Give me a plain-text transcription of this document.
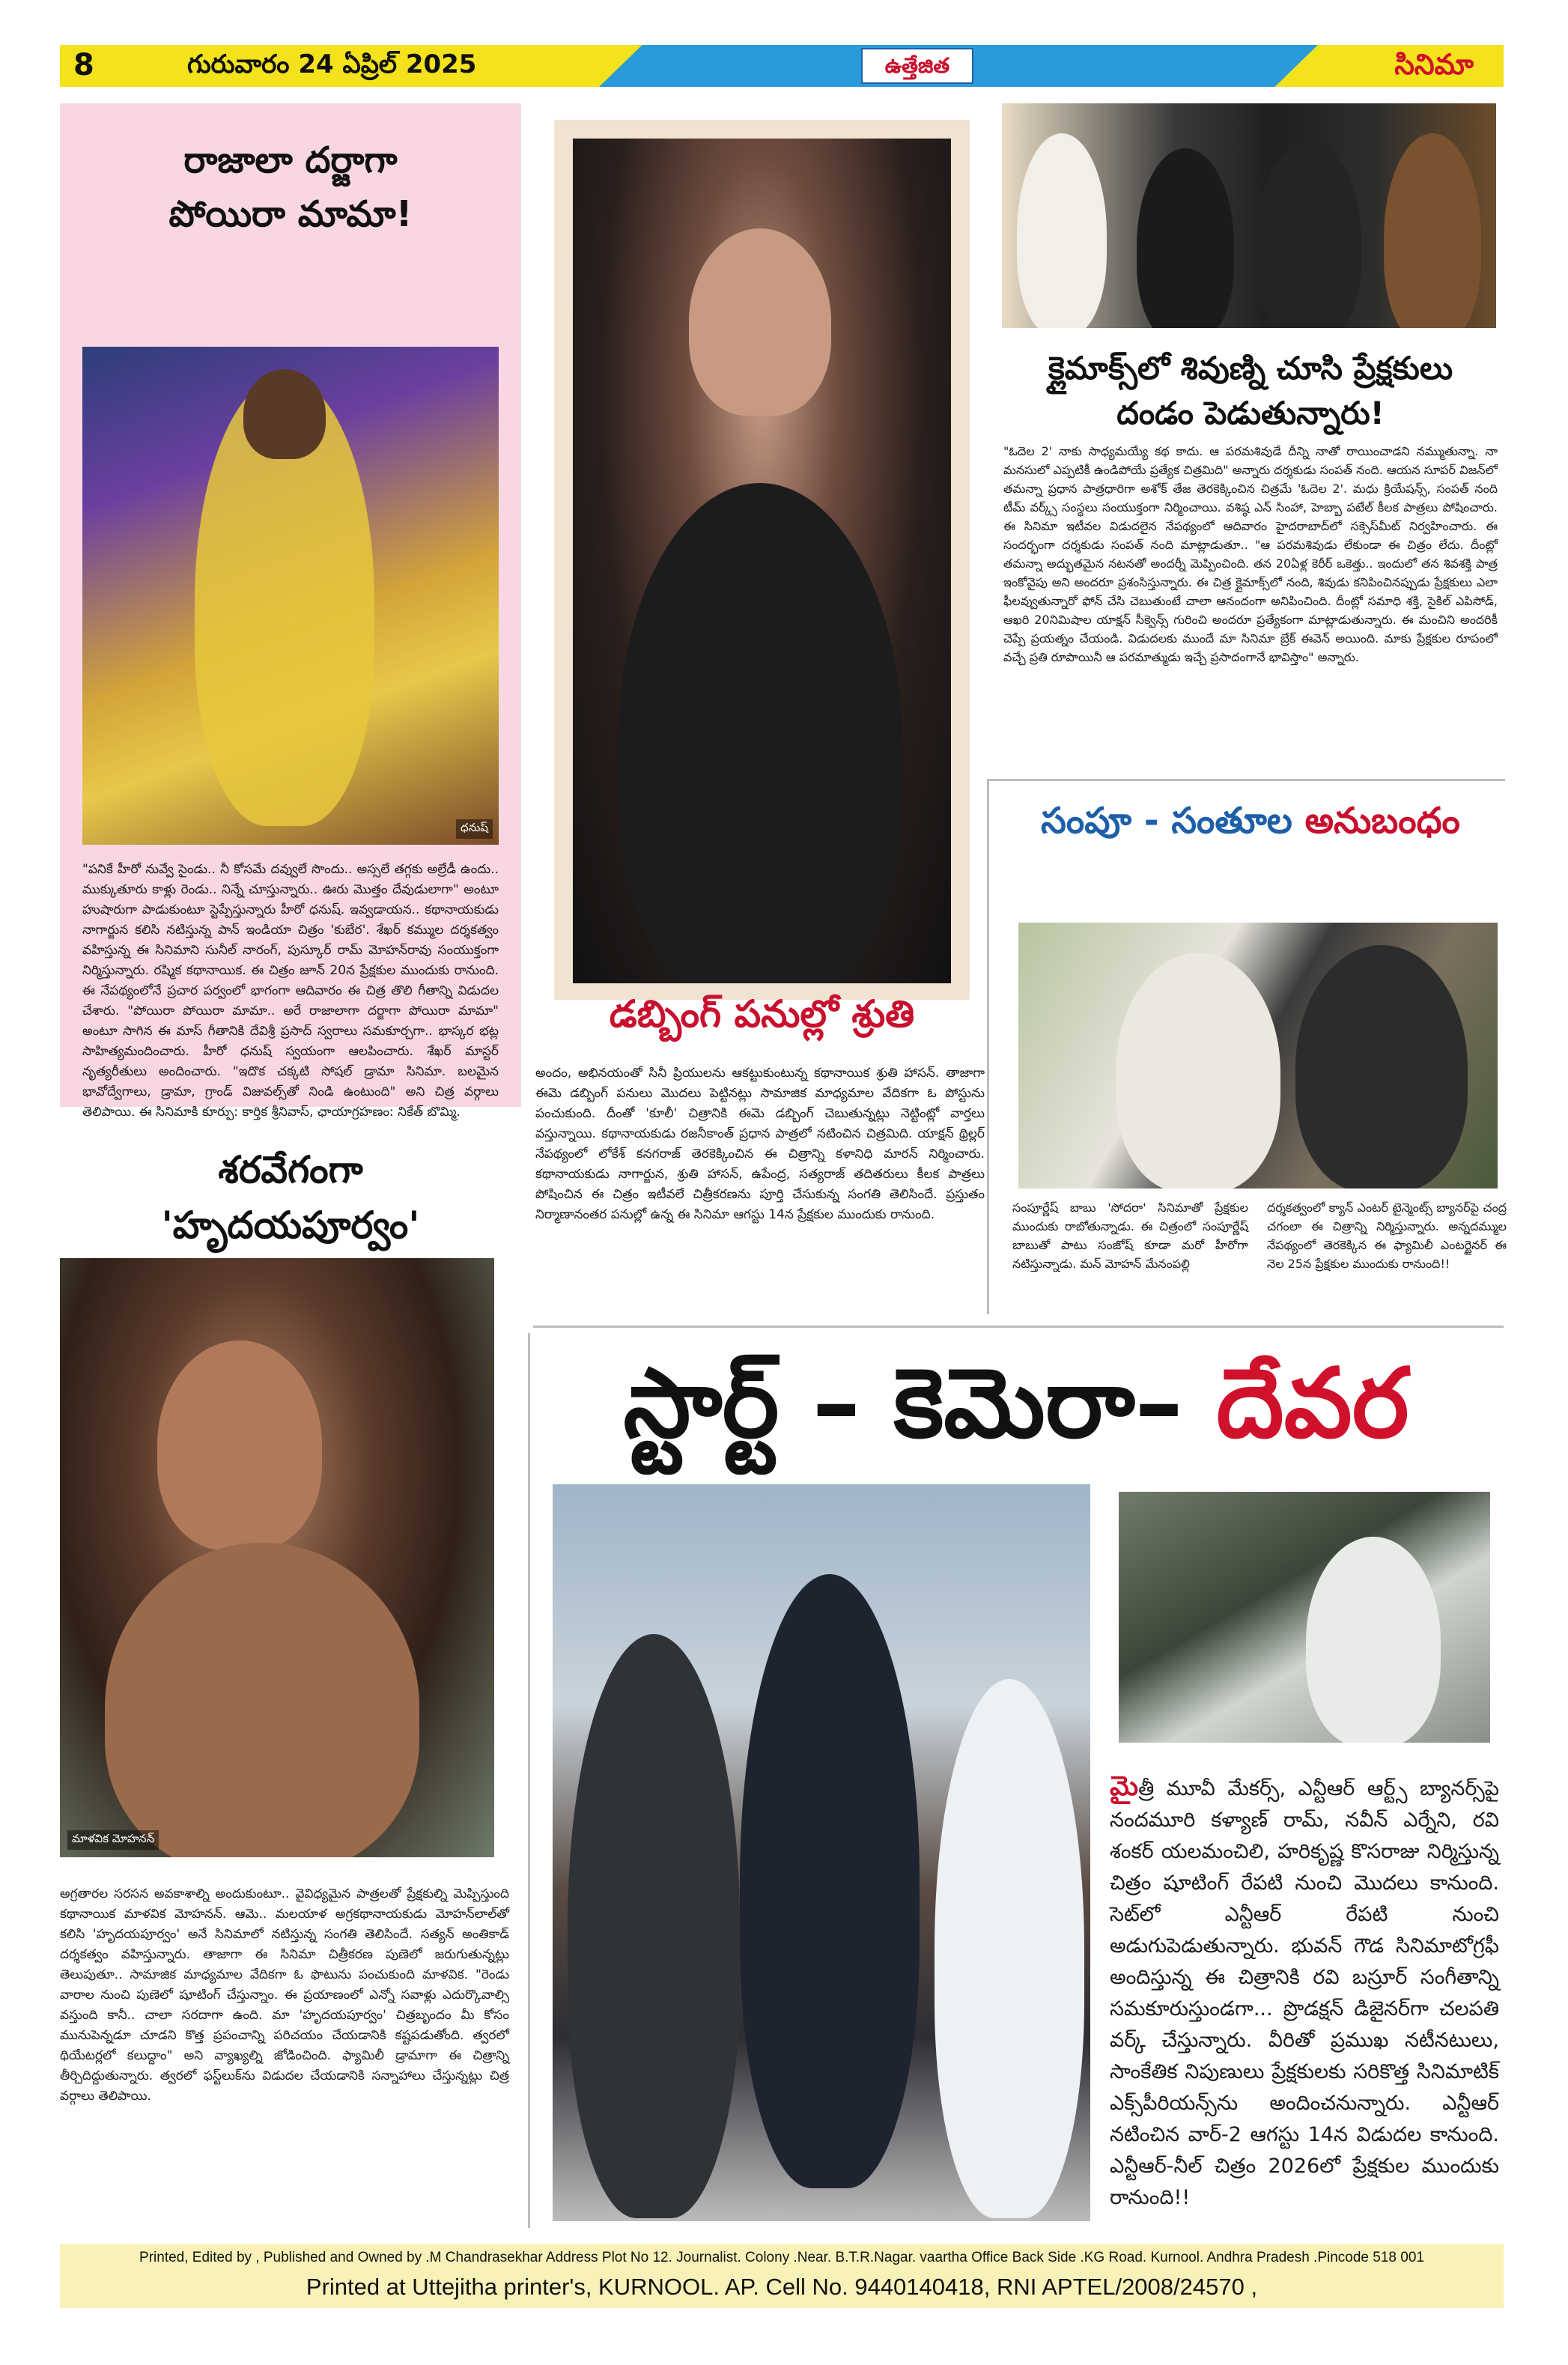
8	గురువారం 24 ఏప్రిల్ 2025	ఉత్తేజిత	సినిమా
రాజాలా దర్జాగా
పోయిరా మామా!
ధనుష్
"పనికే హీరో నువ్వే సైండు.. నీ కోసమే దవ్వులే సొందు.. అస్సలే తగ్గకు అల్రేడీ ఉందు.. ముక్కుతూరు కాళ్లు రెండు.. నిన్నే చూస్తున్నారు.. ఊరు మొత్తం దేవుడులాగా" అంటూ హుషారుగా పాడుకుంటూ స్టెప్పేస్తున్నారు హీరో ధనుష్. ఇవ్వడాయన.. కథానాయకుడు నాగార్జున కలిసి నటిస్తున్న పాన్ ఇండియా చిత్రం 'కుబేర'. శేఖర్ కమ్ముల దర్శకత్వం వహిస్తున్న ఈ సినిమాని సునీల్ నారంగ్, పుస్కూర్ రామ్ మోహన్‌రావు సంయుక్తంగా నిర్మిస్తున్నారు. రష్మిక కథానాయిక. ఈ చిత్రం జూన్ 20న ప్రేక్షకుల ముందుకు రానుంది. ఈ నేపథ్యంలోనే ప్రచార పర్వంలో భాగంగా ఆదివారం ఈ చిత్ర తొలి గీతాన్ని విడుదల చేశారు. "పోయిరా పోయిరా మామా.. అరే రాజాలాగా దర్జాగా పోయిరా మామా" అంటూ సాగిన ఈ మాస్ గీతానికి దేవిశ్రీ ప్రసాద్ స్వరాలు సమకూర్చగా.. భాస్కర భట్ల సాహిత్యమందించారు. హీరో ధనుష్ స్వయంగా ఆలపించారు. శేఖర్ మాస్టర్ నృత్యరీతులు అందించారు. "ఇదొక చక్కటి సోషల్ డ్రామా సినిమా. బలమైన భావోద్వేగాలు, డ్రామా, గ్రాండ్ విజువల్స్‌తో నిండి ఉంటుంది" అని చిత్ర వర్గాలు తెలిపాయి. ఈ సినిమాకి కూర్పు: కార్తిక శ్రీనివాస్, ఛాయాగ్రహణం: నికేత్ బొమ్మి.
డబ్బింగ్ పనుల్లో శ్రుతి
అందం, అభినయంతో సినీ ప్రియులను ఆకట్టుకుంటున్న కథానాయిక శ్రుతి హాసన్. తాజాగా ఈమె డబ్బింగ్ పనులు మొదలు పెట్టినట్లు సామాజిక మాధ్యమాల వేదికగా ఓ పోస్టును పంచుకుంది. దీంతో 'కూలీ' చిత్రానికి ఈమె డబ్బింగ్ చెబుతున్నట్లు నెట్టింట్లో వార్తలు వస్తున్నాయి. కథానాయకుడు రజనీకాంత్ ప్రధాన పాత్రలో నటించిన చిత్రమిది. యాక్షన్ థ్రిల్లర్ నేపథ్యంలో లోకేశ్ కనగరాజ్ తెరకెక్కించిన ఈ చిత్రాన్ని కళానిధి మారన్ నిర్మించారు. కథానాయకుడు నాగార్జున, శ్రుతి హాసన్, ఉపేంద్ర, సత్యరాజ్ తదితరులు కీలక పాత్రలు పోషించిన ఈ చిత్రం ఇటీవలే చిత్రీకరణను పూర్తి చేసుకున్న సంగతి తెలిసిందే. ప్రస్తుతం నిర్మాణానంతర పనుల్లో ఉన్న ఈ సినిమా ఆగస్టు 14న ప్రేక్షకుల ముందుకు రానుంది.
క్లైమాక్స్‌లో శివుణ్ని చూసి ప్రేక్షకులు
దండం పెడుతున్నారు!
"ఓదెల 2' నాకు సాధ్యమయ్యే కథ కాదు. ఆ పరమశివుడే దీన్ని నాతో రాయించాడని నమ్ముతున్నా. నా మనసులో ఎప్పటికీ ఉండిపోయే ప్రత్యేక చిత్రమిది" అన్నారు దర్శకుడు సంపత్ నంది. ఆయన సూపర్ విజన్‌లో తమన్నా ప్రధాన పాత్రధారిగా అశోక్ తేజ తెరకెక్కించిన చిత్రమే 'ఓదెల 2'. మధు క్రియేషన్స్, సంపత్ నంది టీమ్ వర్క్స్ సంస్థలు సంయుక్తంగా నిర్మించాయి. వశిష్ఠ ఎన్ సింహా, హెబ్బా పటేల్ కీలక పాత్రలు పోషించారు. ఈ సినిమా ఇటీవల విడుదలైన నేపథ్యంలో ఆదివారం హైదరాబాద్‌లో సక్సెస్‌మీట్ నిర్వహించారు. ఈ సందర్భంగా దర్శకుడు సంపత్ నంది మాట్లాడుతూ.. "ఆ పరమశివుడు లేకుండా ఈ చిత్రం లేదు. దీంట్లో తమన్నా అద్భుతమైన నటనతో అందర్నీ మెప్పించింది. తన 20ఏళ్ల కెరీర్ ఒకెత్తు.. ఇందులో తన శివశక్తి పాత్ర ఇంకోవైపు అని అందరూ ప్రశంసిస్తున్నారు. ఈ చిత్ర క్లైమాక్స్‌లో నంది, శివుడు కనిపించినప్పుడు ప్రేక్షకులు ఎలా ఫీలవ్వుతున్నారో ఫోన్ చేసి చెబుతుంటే చాలా ఆనందంగా అనిపించింది. దీంట్లో సమాధి శక్తి, సైకిల్ ఎపిసోడ్, ఆఖరి 20నిమిషాల యాక్షన్ సీక్వెన్స్ గురించి అందరూ ప్రత్యేకంగా మాట్లాడుతున్నారు. ఈ మంచిని అందరికీ చెప్పే ప్రయత్నం చేయండి. విడుదలకు ముందే మా సినిమా బ్రేక్ ఈవెన్ అయింది. మాకు ప్రేక్షకుల రూపంలో వచ్చే ప్రతి రూపాయినీ ఆ పరమాత్ముడు ఇచ్చే ప్రసాదంగానే భావిస్తాం" అన్నారు.
సంపూ - సంతూల అనుబంధం
సంపూర్ణేష్ బాబు 'సోదరా' సినిమాతో ప్రేక్షకుల ముందుకు రాబోతున్నాడు. ఈ చిత్రంలో సంపూర్ణేష్ బాబుతో పాటు సంజోష్ కూడా మరో హీరోగా నటిస్తున్నాడు. మన్ మోహన్ మేనంపల్లి
దర్శకత్వంలో క్యాన్ ఎంటర్ టైన్మెంట్స్ బ్యానర్‌పై చంద్ర చగంలా ఈ చిత్రాన్ని నిర్మిస్తున్నారు. అన్నదమ్ముల నేపథ్యంలో తెరకెక్కిన ఈ ఫ్యామిలీ ఎంటర్టైనర్ ఈ నెల 25న ప్రేక్షకుల ముందుకు రానుంది!!
శరవేగంగా
'హృదయపూర్వం'
మాళవిక మోహనన్
అగ్రతారల సరసన అవకాశాల్ని అందుకుంటూ.. వైవిధ్యమైన పాత్రలతో ప్రేక్షకుల్ని మెప్పిస్తుంది కథానాయిక మాళవిక మోహనన్. ఆమె.. మలయాళ అగ్రకథానాయకుడు మోహన్‌లాల్‌తో కలిసి 'హృదయపూర్వం' అనే సినిమాలో నటిస్తున్న సంగతి తెలిసిందే. సత్యన్ అంతికాడ్ దర్శకత్వం వహిస్తున్నారు. తాజాగా ఈ సినిమా చిత్రీకరణ పుణెలో జరుగుతున్నట్లు తెలుపుతూ.. సామాజిక మాధ్యమాల వేదికగా ఓ ఫొటును పంచుకుంది మాళవిక. "రెండు వారాల నుంచి పుణెలో షూటింగ్ చేస్తున్నాం. ఈ ప్రయాణంలో ఎన్నో సవాళ్లు ఎదుర్కొవాల్సి వస్తుంది కానీ.. చాలా సరదాగా ఉంది. మా 'హృదయపూర్వం' చిత్రబృందం మీ కోసం మునుపెన్నడూ చూడని కొత్త ప్రపంచాన్ని పరిచయం చేయడానికి కష్టపడుతోంది. త్వరలో థియేటర్లలో కలుద్దాం" అని వ్యాఖ్యల్ని జోడించింది. ఫ్యామిలీ డ్రామాగా ఈ చిత్రాన్ని తీర్చిదిద్దుతున్నారు. త్వరలో ఫస్ట్‌లుక్‌ను విడుదల చేయడానికి సన్నాహాలు చేస్తున్నట్లు చిత్ర వర్గాలు తెలిపాయి.
స్టార్ట్ – కెమెరా– దేవర
మైత్రీ మూవీ మేకర్స్, ఎన్టీఆర్ ఆర్ట్స్ బ్యానర్స్‌పై నందమూరి కళ్యాణ్ రామ్, నవీన్ ఎర్నేని, రవి శంకర్ యలమంచిలి, హరికృష్ణ కొసరాజు నిర్మిస్తున్న చిత్రం షూటింగ్ రేపటి నుంచి మొదలు కానుంది. సెట్‌లో ఎన్టీఆర్ రేపటి నుంచి అడుగుపెడుతున్నారు. భువన్ గౌడ సినిమాటోగ్రఫీ అందిస్తున్న ఈ చిత్రానికి రవి బస్రూర్ సంగీతాన్ని సమకూరుస్తుండగా... ప్రొడక్షన్ డిజైనర్‌గా చలపతి వర్క్ చేస్తున్నారు. వీరితో ప్రముఖ నటీనటులు, సాంకేతిక నిపుణులు ప్రేక్షకులకు సరికొత్త సినిమాటిక్ ఎక్స్‌పీరియన్స్‌ను అందించనున్నారు. ఎన్టీఆర్ నటించిన వార్-2 ఆగస్టు 14న విడుదల కానుంది. ఎన్టీఆర్-నీల్ చిత్రం 2026లో ప్రేక్షకుల ముందుకు రానుంది!!
Printed, Edited by , Published and Owned by .M Chandrasekhar Address Plot No 12. Journalist. Colony .Near. B.T.R.Nagar. vaartha Office Back Side .KG Road. Kurnool. Andhra Pradesh .Pincode 518 001
Printed at Uttejitha printer's, KURNOOL. AP. Cell No. 9440140418, RNI APTEL/2008/24570 ,
